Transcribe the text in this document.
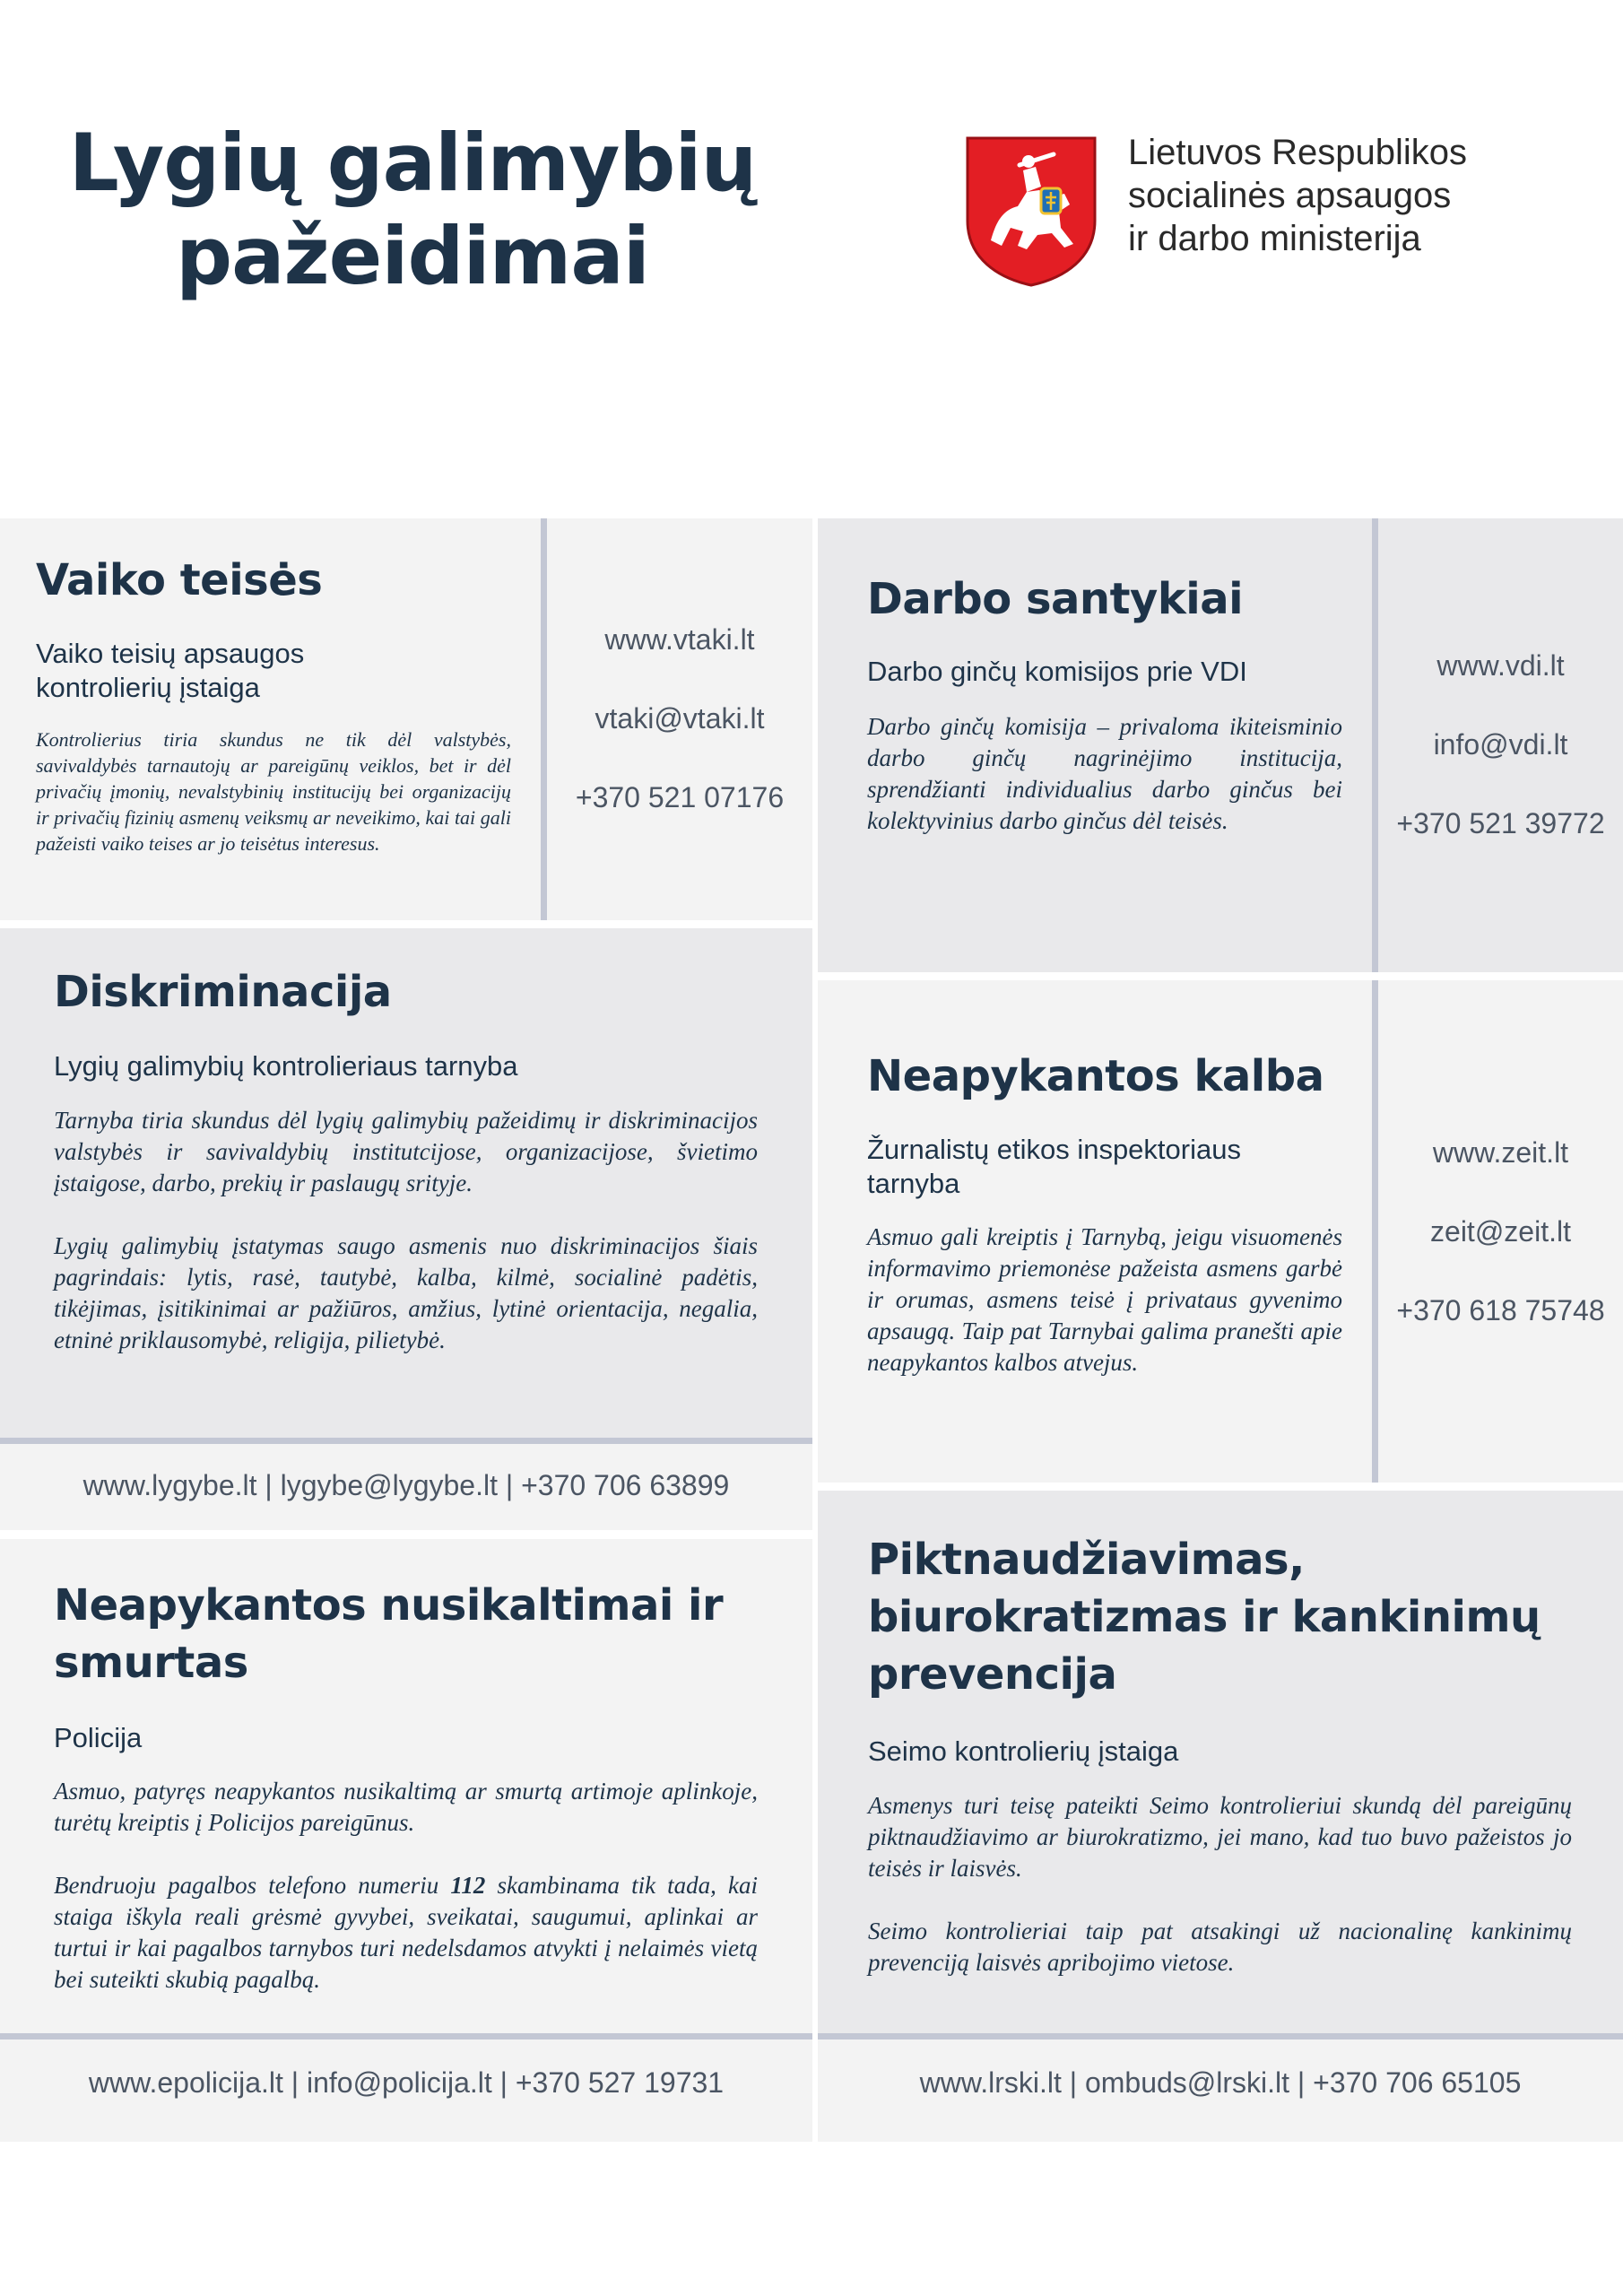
Lygių galimybių
pažeidimai
Lietuvos Respublikos
socialinės apsaugos
ir darbo ministerija
Vaiko teisės
Vaiko teisių apsaugos kontrolierių įstaiga
Kontrolierius tiria skundus ne tik dėl valstybės, savivaldybės tarnautojų ar pareigūnų veiklos, bet ir dėl privačių įmonių, nevalstybinių institucijų bei organizacijų ir privačių fizinių asmenų veiksmų ar neveikimo, kai tai gali pažeisti vaiko teises ar jo teisėtus interesus.
www.vtaki.lt
vtaki@vtaki.lt
+370 521 07176
Darbo santykiai
Darbo ginčų komisijos prie VDI
Darbo ginčų komisija – privaloma ikiteisminio darbo ginčų nagrinėjimo institucija, sprendžianti individualius darbo ginčus bei kolektyvinius darbo ginčus dėl teisės.
www.vdi.lt
info@vdi.lt
+370 521 39772
Diskriminacija
Lygių galimybių kontrolieriaus tarnyba

Tarnyba tiria skundus dėl lygių galimybių pažeidimų ir diskriminacijos valstybės ir savivaldybių institutcijose, organizacijose, švietimo įstaigose, darbo, prekių ir paslaugų srityje.

Lygių galimybių įstatymas saugo asmenis nuo diskriminacijos šiais pagrindais: lytis, rasė, tautybė, kalba, kilmė, socialinė padėtis, tikėjimas, įsitikinimai ar pažiūros, amžius, lytinė orientacija, negalia, etninė priklausomybė, religija, pilietybė.

www.lygybe.lt | lygybe@lygybe.lt | +370 706 63899
Neapykantos kalba
Žurnalistų etikos inspektoriaus tarnyba
Asmuo gali kreiptis į Tarnybą, jeigu visuomenės informavimo priemonėse pažeista asmens garbė ir orumas, asmens teisė į privataus gyvenimo apsaugą. Taip pat Tarnybai galima pranešti apie neapykantos kalbos atvejus.
www.zeit.lt
zeit@zeit.lt
+370 618 75748
Neapykantos nusikaltimai ir smurtas
Policija

Asmuo, patyręs neapykantos nusikaltimą ar smurtą artimoje aplinkoje, turėtų kreiptis į Policijos pareigūnus.

Bendruoju pagalbos telefono numeriu 112 skambinama tik tada, kai staiga iškyla reali grėsmė gyvybei, sveikatai, saugumui, aplinkai ar turtui ir kai pagalbos tarnybos turi nedelsdamos atvykti į nelaimės vietą bei suteikti skubią pagalbą.

www.epolicija.lt | info@policija.lt | +370 527 19731
Piktnaudžiavimas, biurokratizmas ir kankinimų prevencija
Seimo kontrolierių įstaiga

Asmenys turi teisę pateikti Seimo kontrolieriui skundą dėl pareigūnų piktnaudžiavimo ar biurokratizmo, jei mano, kad tuo buvo pažeistos jo teisės ir laisvės.

Seimo kontrolieriai taip pat atsakingi už nacionalinę kankinimų prevenciją laisvės apribojimo vietose.

www.lrski.lt | ombuds@lrski.lt | +370 706 65105
